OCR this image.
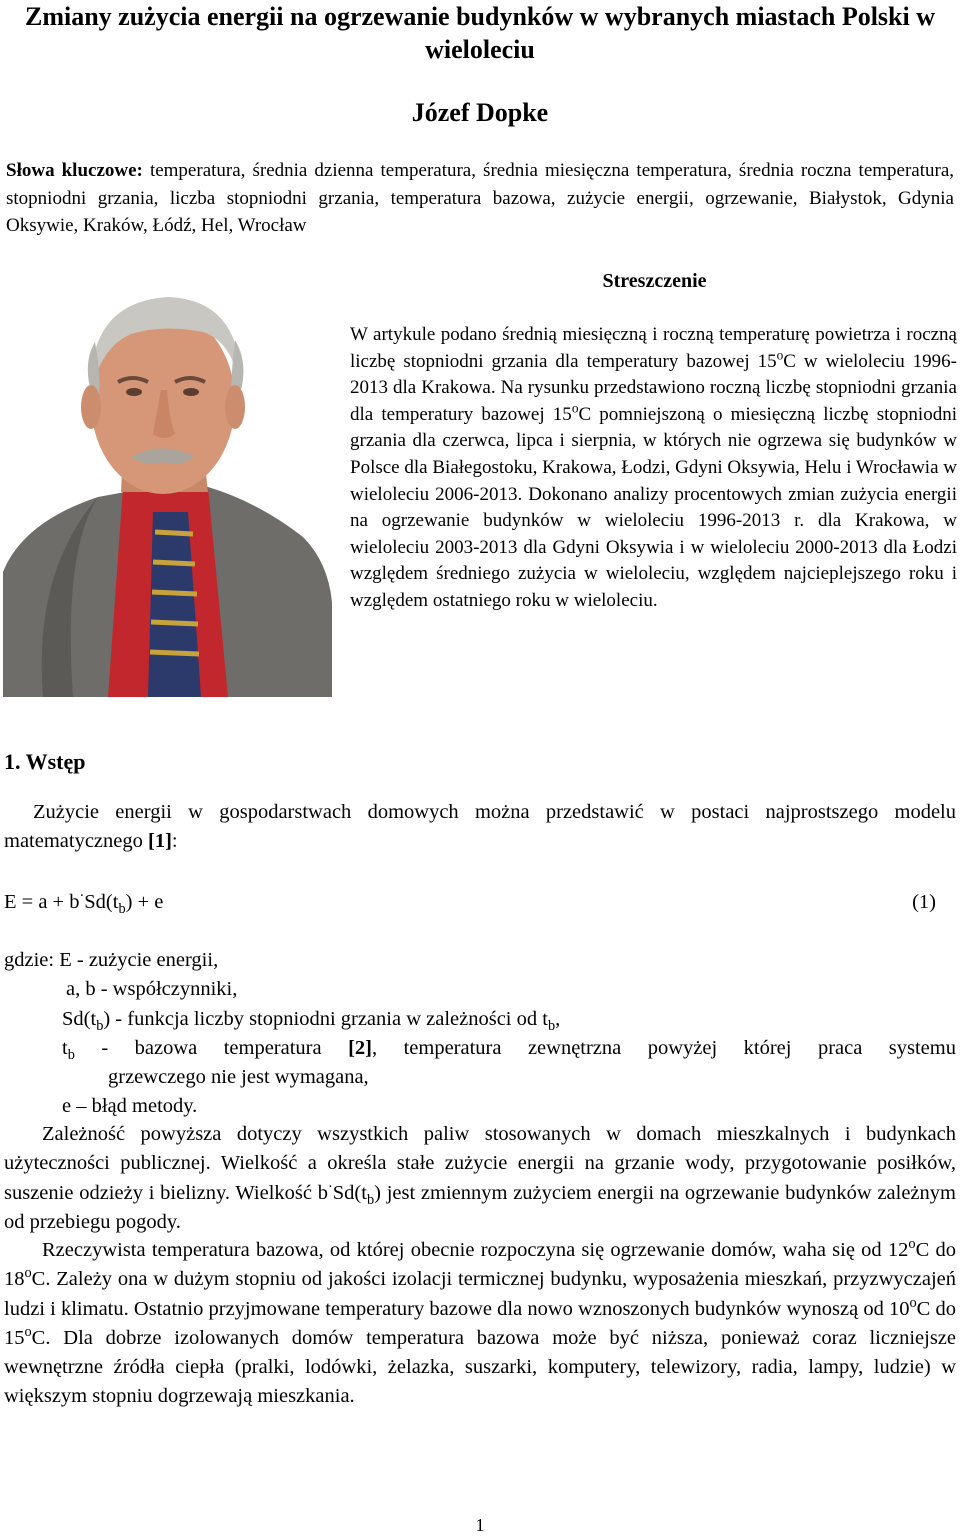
Zmiany zużycia energii na ogrzewanie budynków w wybranych miastach Polski w wieloleciu
Józef Dopke
Słowa kluczowe: temperatura, średnia dzienna temperatura, średnia miesięczna temperatura, średnia roczna temperatura, stopniodni grzania, liczba stopniodni grzania, temperatura bazowa, zużycie energii, ogrzewanie, Białystok, Gdynia Oksywie, Kraków, Łódź, Hel, Wrocław
Streszczenie
W artykule podano średnią miesięczną i roczną temperaturę powietrza i roczną liczbę stopniodni grzania dla temperatury bazowej 15$^o$C w wieloleciu 1996-2013 dla Krakowa. Na rysunku przedstawiono roczną liczbę stopniodni grzania dla temperatury bazowej 15$^o$C pomniejszoną o miesięczną liczbę stopniodni grzania dla czerwca, lipca i sierpnia, w których nie ogrzewa się budynków w Polsce dla Białegostoku, Krakowa, Łodzi, Gdyni Oksywia, Helu i Wrocławia w wieloleciu 2006-2013. Dokonano analizy procentowych zmian zużycia energii na ogrzewanie budynków w wieloleciu 1996-2013 r. dla Krakowa, w wieloleciu 2003-2013 dla Gdyni Oksywia i w wieloleciu 2000-2013 dla Łodzi względem średniego zużycia w wieloleciu, względem najcieplejszego roku i względem ostatniego roku w wieloleciu.
1. Wstęp
Zużycie energii w gospodarstwach domowych można przedstawić w postaci najprostszego modelu matematycznego [1]:
$E = a + b^\cdot Sd(t_b) + e$	(1)
gdzie: E - zużycie energii,
a, b - współczynniki,
$Sd(t_b)$ - funkcja liczby stopniodni grzania w zależności od $t_b$,
$t_b$ - bazowa temperatura [2], temperatura zewnętrzna powyżej której praca systemu
grzewczego nie jest wymagana,
e – błąd metody.
Zależność powyższa dotyczy wszystkich paliw stosowanych w domach mieszkalnych i budynkach użyteczności publicznej. Wielkość a określa stałe zużycie energii na grzanie wody, przygotowanie posiłków, suszenie odzieży i bielizny. Wielkość $b^\cdot Sd(t_b)$ jest zmiennym zużyciem energii na ogrzewanie budynków zależnym od przebiegu pogody.
Rzeczywista temperatura bazowa, od której obecnie rozpoczyna się ogrzewanie domów, waha się od 12$^o$C do 18$^o$C. Zależy ona w dużym stopniu od jakości izolacji termicznej budynku, wyposażenia mieszkań, przyzwyczajeń ludzi i klimatu. Ostatnio przyjmowane temperatury bazowe dla nowo wznoszonych budynków wynoszą od 10$^o$C do 15$^o$C. Dla dobrze izolowanych domów temperatura bazowa może być niższa, ponieważ coraz liczniejsze wewnętrzne źródła ciepła (pralki, lodówki, żelazka, suszarki, komputery, telewizory, radia, lampy, ludzie) w większym stopniu dogrzewają mieszkania.
1
